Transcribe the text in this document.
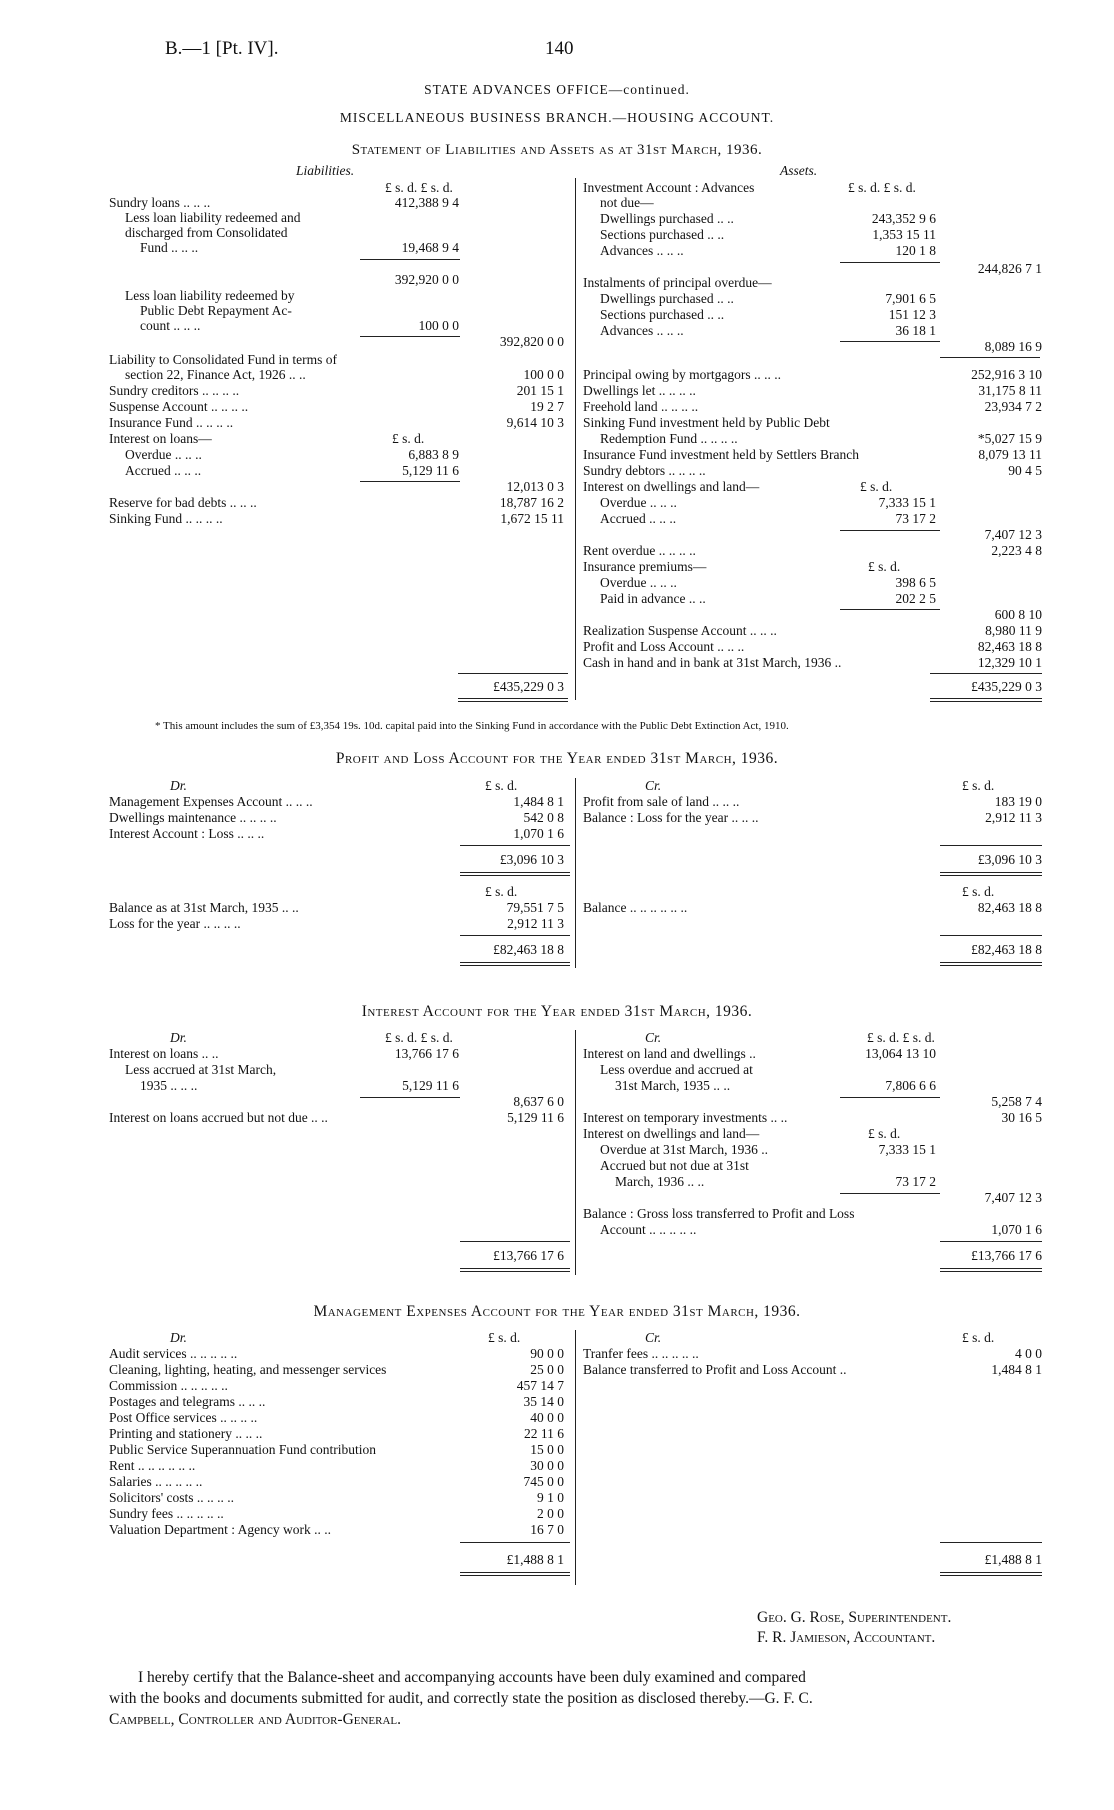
B.—1 [Pt. IV].	140
STATE ADVANCES OFFICE—continued.
MISCELLANEOUS BUSINESS BRANCH.—HOUSING ACCOUNT.
Statement of Liabilities and Assets as at 31st March, 1936.
Liabilities.	Assets.
£ s. d. £ s. d.	£ s. d. £ s. d.
Sundry loans .. .. ..	412,388 9 4
Less loan liability redeemed and
discharged from Consolidated
Fund .. .. ..	19,468 9 4
392,920 0 0
Less loan liability redeemed by
Public Debt Repayment Ac-
count .. .. ..	100 0 0
392,820 0 0
Liability to Consolidated Fund in terms of
section 22, Finance Act, 1926 .. ..	100 0 0
Sundry creditors .. .. .. ..	201 15 1
Suspense Account .. .. .. ..	19 2 7
Insurance Fund .. .. .. ..	9,614 10 3
Interest on loans—	£ s. d.
Overdue .. .. ..	6,883 8 9
Accrued .. .. ..	5,129 11 6
12,013 0 3
Reserve for bad debts .. .. ..	18,787 16 2
Sinking Fund .. .. .. ..	1,672 15 11
£435,229 0 3
Investment Account : Advances
not due—
Dwellings purchased .. ..	243,352 9 6
Sections purchased .. ..	1,353 15 11
Advances .. .. ..	120 1 8
244,826 7 1
Instalments of principal overdue—
Dwellings purchased .. ..	7,901 6 5
Sections purchased .. ..	151 12 3
Advances .. .. ..	36 18 1
8,089 16 9
Principal owing by mortgagors .. .. ..	252,916 3 10
Dwellings let .. .. .. ..	31,175 8 11
Freehold land .. .. .. ..	23,934 7 2
Sinking Fund investment held by Public Debt
Redemption Fund .. .. .. ..	*5,027 15 9
Insurance Fund investment held by Settlers Branch	8,079 13 11
Sundry debtors .. .. .. ..	90 4 5
Interest on dwellings and land—	£ s. d.
Overdue .. .. ..	7,333 15 1
Accrued .. .. ..	73 17 2
7,407 12 3
Rent overdue .. .. .. ..	2,223 4 8
Insurance premiums—	£ s. d.
Overdue .. .. ..	398 6 5
Paid in advance .. ..	202 2 5
600 8 10
Realization Suspense Account .. .. ..	8,980 11 9
Profit and Loss Account .. .. ..	82,463 18 8
Cash in hand and in bank at 31st March, 1936 ..	12,329 10 1
£435,229 0 3
* This amount includes the sum of £3,354 19s. 10d. capital paid into the Sinking Fund in accordance with the Public Debt Extinction Act, 1910.
Profit and Loss Account for the Year ended 31st March, 1936.
Dr.	Cr.
£ s. d.	£ s. d.
Management Expenses Account .. .. ..	1,484 8 1
Dwellings maintenance .. .. .. ..	542 0 8
Interest Account : Loss .. .. ..	1,070 1 6
Profit from sale of land .. .. ..	183 19 0
Balance : Loss for the year .. .. ..	2,912 11 3
£3,096 10 3	£3,096 10 3
£ s. d.	£ s. d.
Balance as at 31st March, 1935 .. ..	79,551 7 5
Loss for the year .. .. .. ..	2,912 11 3
Balance .. .. .. .. .. ..	82,463 18 8
£82,463 18 8	£82,463 18 8
Interest Account for the Year ended 31st March, 1936.
Dr.	Cr.
£ s. d. £ s. d.	£ s. d. £ s. d.
Interest on loans .. ..	13,766 17 6
Less accrued at 31st March,
1935 .. .. ..	5,129 11 6
8,637 6 0
Interest on loans accrued but not due .. ..	5,129 11 6
Interest on land and dwellings ..	13,064 13 10
Less overdue and accrued at
31st March, 1935 .. ..	7,806 6 6
5,258 7 4
Interest on temporary investments .. ..	30 16 5
Interest on dwellings and land—	£ s. d.
Overdue at 31st March, 1936 ..	7,333 15 1
Accrued but not due at 31st
March, 1936 .. ..	73 17 2
7,407 12 3
Balance : Gross loss transferred to Profit and Loss
Account .. .. .. .. ..	1,070 1 6
£13,766 17 6	£13,766 17 6
Management Expenses Account for the Year ended 31st March, 1936.
Dr.	Cr.
£ s. d.	£ s. d.
Audit services .. .. .. .. ..	90 0 0
Cleaning, lighting, heating, and messenger services	25 0 0
Commission .. .. .. .. ..	457 14 7
Postages and telegrams .. .. ..	35 14 0
Post Office services .. .. .. ..	40 0 0
Printing and stationery .. .. ..	22 11 6
Public Service Superannuation Fund contribution	15 0 0
Rent .. .. .. .. .. ..	30 0 0
Salaries .. .. .. .. ..	745 0 0
Solicitors' costs .. .. .. ..	9 1 0
Sundry fees .. .. .. .. ..	2 0 0
Valuation Department : Agency work .. ..	16 7 0
Tranfer fees .. .. .. .. ..	4 0 0
Balance transferred to Profit and Loss Account ..	1,484 8 1
£1,488 8 1	£1,488 8 1
Geo. G. Rose, Superintendent.
F. R. Jamieson, Accountant.
I hereby certify that the Balance-sheet and accompanying accounts have been duly examined and compared
with the books and documents submitted for audit, and correctly state the position as disclosed thereby.—G. F. C.
Campbell, Controller and Auditor-General.
